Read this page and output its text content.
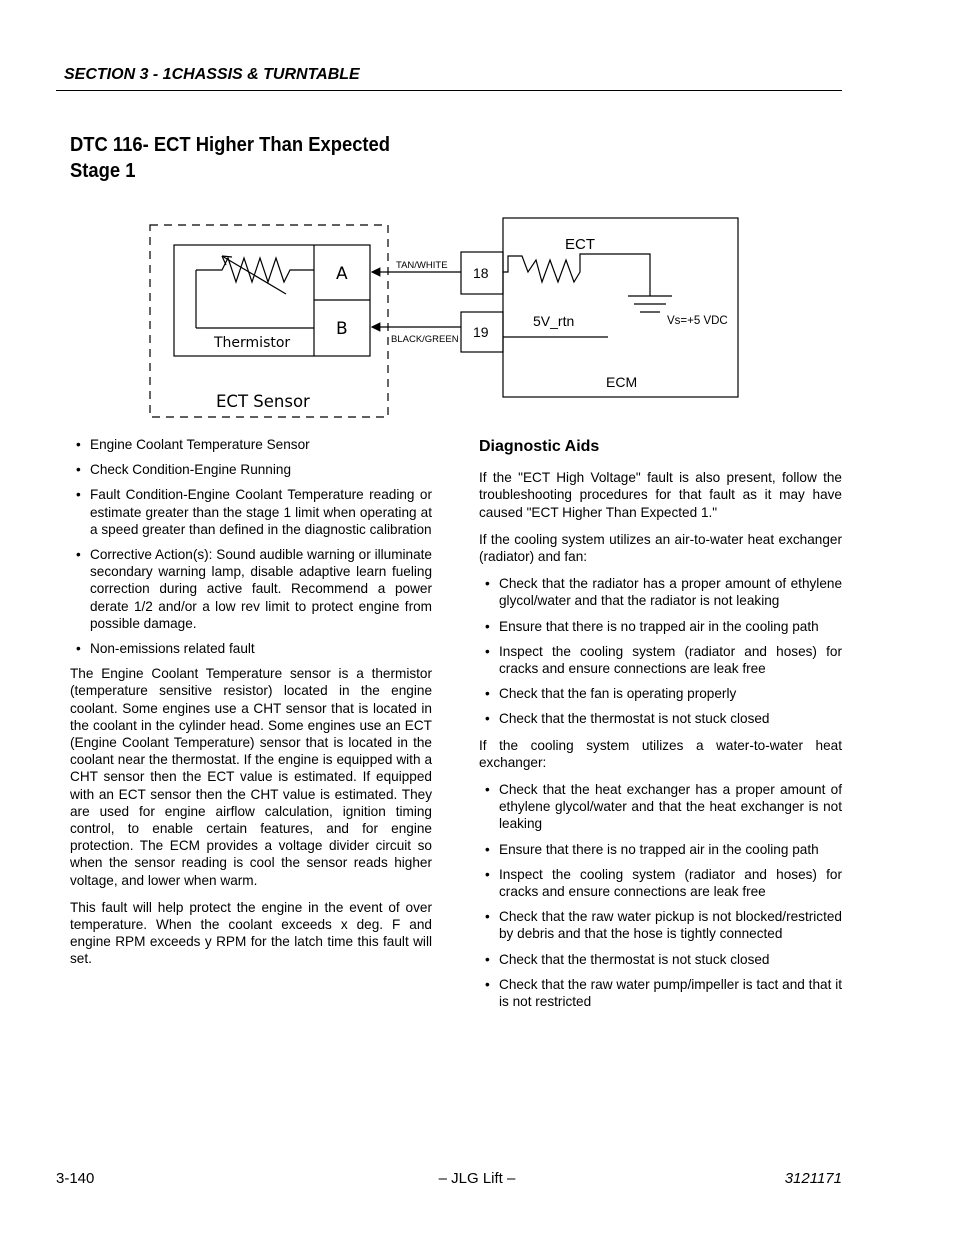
SECTION 3 - 1CHASSIS & TURNTABLE
DTC 116- ECT Higher Than Expected Stage 1
A
B
Thermistor
ECT Sensor
TAN/WHITE
BLACK/GREEN
18
19
ECT
Vs=+5 VDC
5V_rtn
ECM
• Engine Coolant Temperature Sensor
• Check Condition-Engine Running
• Fault Condition-Engine Coolant Temperature reading or estimate greater than the stage 1 limit when operating at a speed greater than defined in the diagnostic calibration
• Corrective Action(s): Sound audible warning or illuminate secondary warning lamp, disable adaptive learn fueling correction during active fault. Recommend a power derate 1/2 and/or a low rev limit to protect engine from possible damage.
• Non-emissions related fault

The Engine Coolant Temperature sensor is a thermistor (temperature sensitive resistor) located in the engine coolant. Some engines use a CHT sensor that is located in the coolant in the cylinder head. Some engines use an ECT (Engine Coolant Temperature) sensor that is located in the coolant near the thermostat. If the engine is equipped with a CHT sensor then the ECT value is estimated. If equipped with an ECT sensor then the CHT value is estimated. They are used for engine airflow calculation, ignition timing control, to enable certain features, and for engine protection. The ECM provides a voltage divider circuit so when the sensor reading is cool the sensor reads higher voltage, and lower when warm.

This fault will help protect the engine in the event of over temperature. When the coolant exceeds x deg. F and engine RPM exceeds y RPM for the latch time this fault will set.

Diagnostic Aids

If the "ECT High Voltage" fault is also present, follow the troubleshooting procedures for that fault as it may have caused "ECT Higher Than Expected 1."

If the cooling system utilizes an air-to-water heat exchanger (radiator) and fan:

• Check that the radiator has a proper amount of ethylene glycol/water and that the radiator is not leaking
• Ensure that there is no trapped air in the cooling path
• Inspect the cooling system (radiator and hoses) for cracks and ensure connections are leak free
• Check that the fan is operating properly
• Check that the thermostat is not stuck closed

If the cooling system utilizes a water-to-water heat exchanger:

• Check that the heat exchanger has a proper amount of ethylene glycol/water and that the heat exchanger is not leaking
• Ensure that there is no trapped air in the cooling path
• Inspect the cooling system (radiator and hoses) for cracks and ensure connections are leak free
• Check that the raw water pickup is not blocked/restricted by debris and that the hose is tightly connected
• Check that the thermostat is not stuck closed
• Check that the raw water pump/impeller is tact and that it is not restricted
3-140	– JLG Lift –	3121171
